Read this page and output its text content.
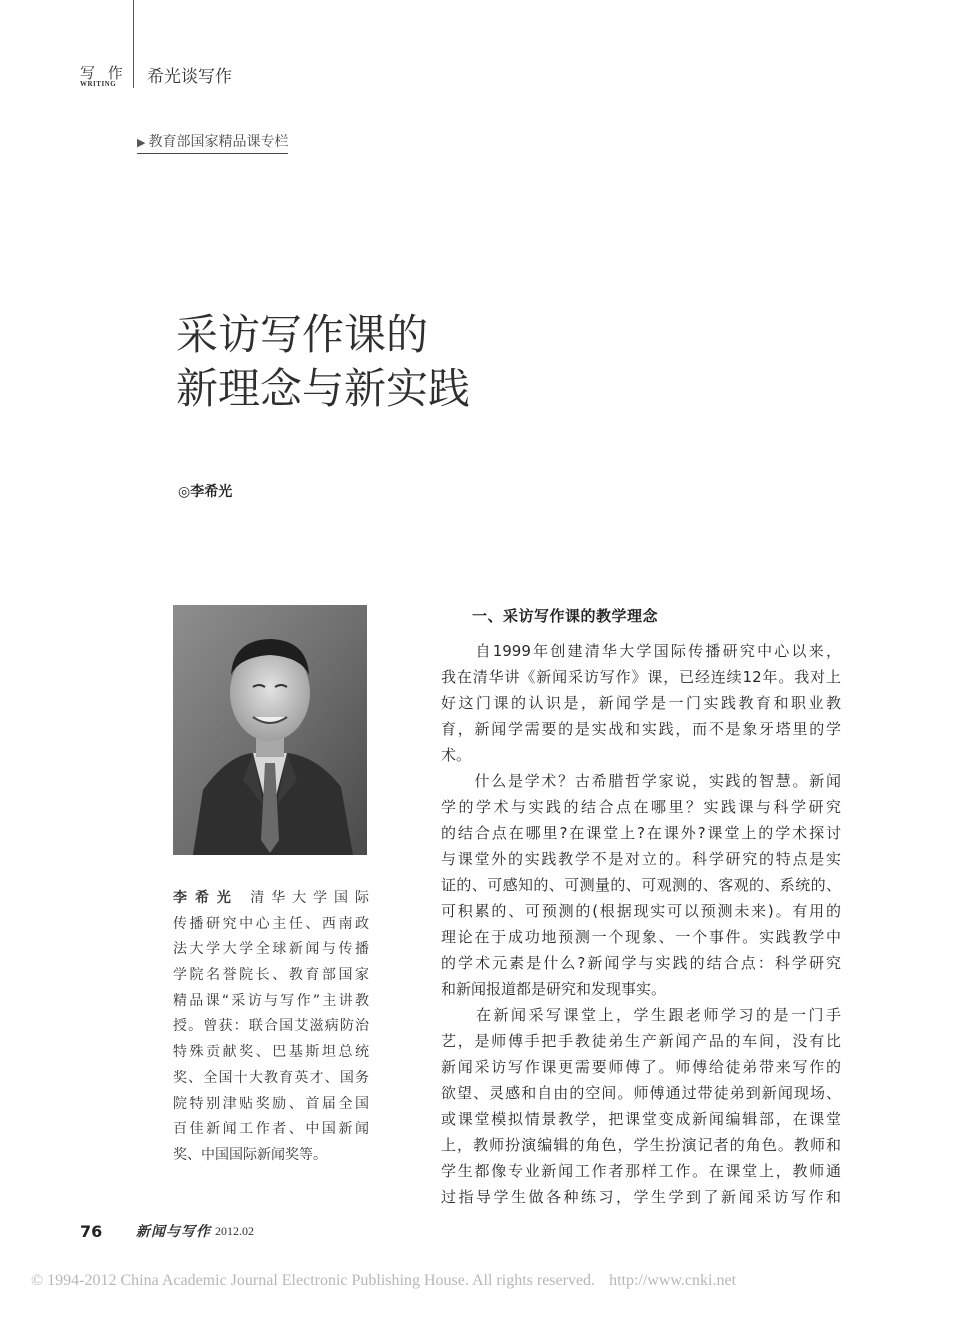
写 作
WRITING 希光谈写作
▶ 教育部国家精品课专栏
采访写作课的
新理念与新实践
◎李希光
李希光 清华大学国际
传播研究中心主任、西南政
法大学大学全球新闻与传播
学院名誉院长、教育部国家
精品课“采访与写作”主讲教
授。曾获：联合国艾滋病防治
特殊贡献奖、巴基斯坦总统
奖、全国十大教育英才、国务
院特别津贴奖励、首届全国
百佳新闻工作者、中国新闻
奖、中国国际新闻奖等。
一、采访写作课的教学理念
　　自1999年创建清华大学国际传播研究中心以来，
我在清华讲《新闻采访写作》课，已经连续12年。我对上
好这门课的认识是，新闻学是一门实践教育和职业教
育，新闻学需要的是实战和实践，而不是象牙塔里的学
术。
　　什么是学术？古希腊哲学家说，实践的智慧。新闻
学的学术与实践的结合点在哪里？实践课与科学研究
的结合点在哪里?在课堂上?在课外?课堂上的学术探讨
与课堂外的实践教学不是对立的。科学研究的特点是实
证的、可感知的、可测量的、可观测的、客观的、系统的、
可积累的、可预测的(根据现实可以预测未来)。有用的
理论在于成功地预测一个现象、一个事件。实践教学中
的学术元素是什么?新闻学与实践的结合点：科学研究
和新闻报道都是研究和发现事实。
　　在新闻采写课堂上，学生跟老师学习的是一门手
艺，是师傅手把手教徒弟生产新闻产品的车间，没有比
新闻采访写作课更需要师傅了。师傅给徒弟带来写作的
欲望、灵感和自由的空间。师傅通过带徒弟到新闻现场、
或课堂模拟情景教学，把课堂变成新闻编辑部，在课堂
上，教师扮演编辑的角色，学生扮演记者的角色。教师和
学生都像专业新闻工作者那样工作。在课堂上，教师通
过指导学生做各种练习，学生学到了新闻采访写作和
76 新闻与写作 2012.02
© 1994-2012 China Academic Journal Electronic Publishing House. All rights reserved. http://www.cnki.net
